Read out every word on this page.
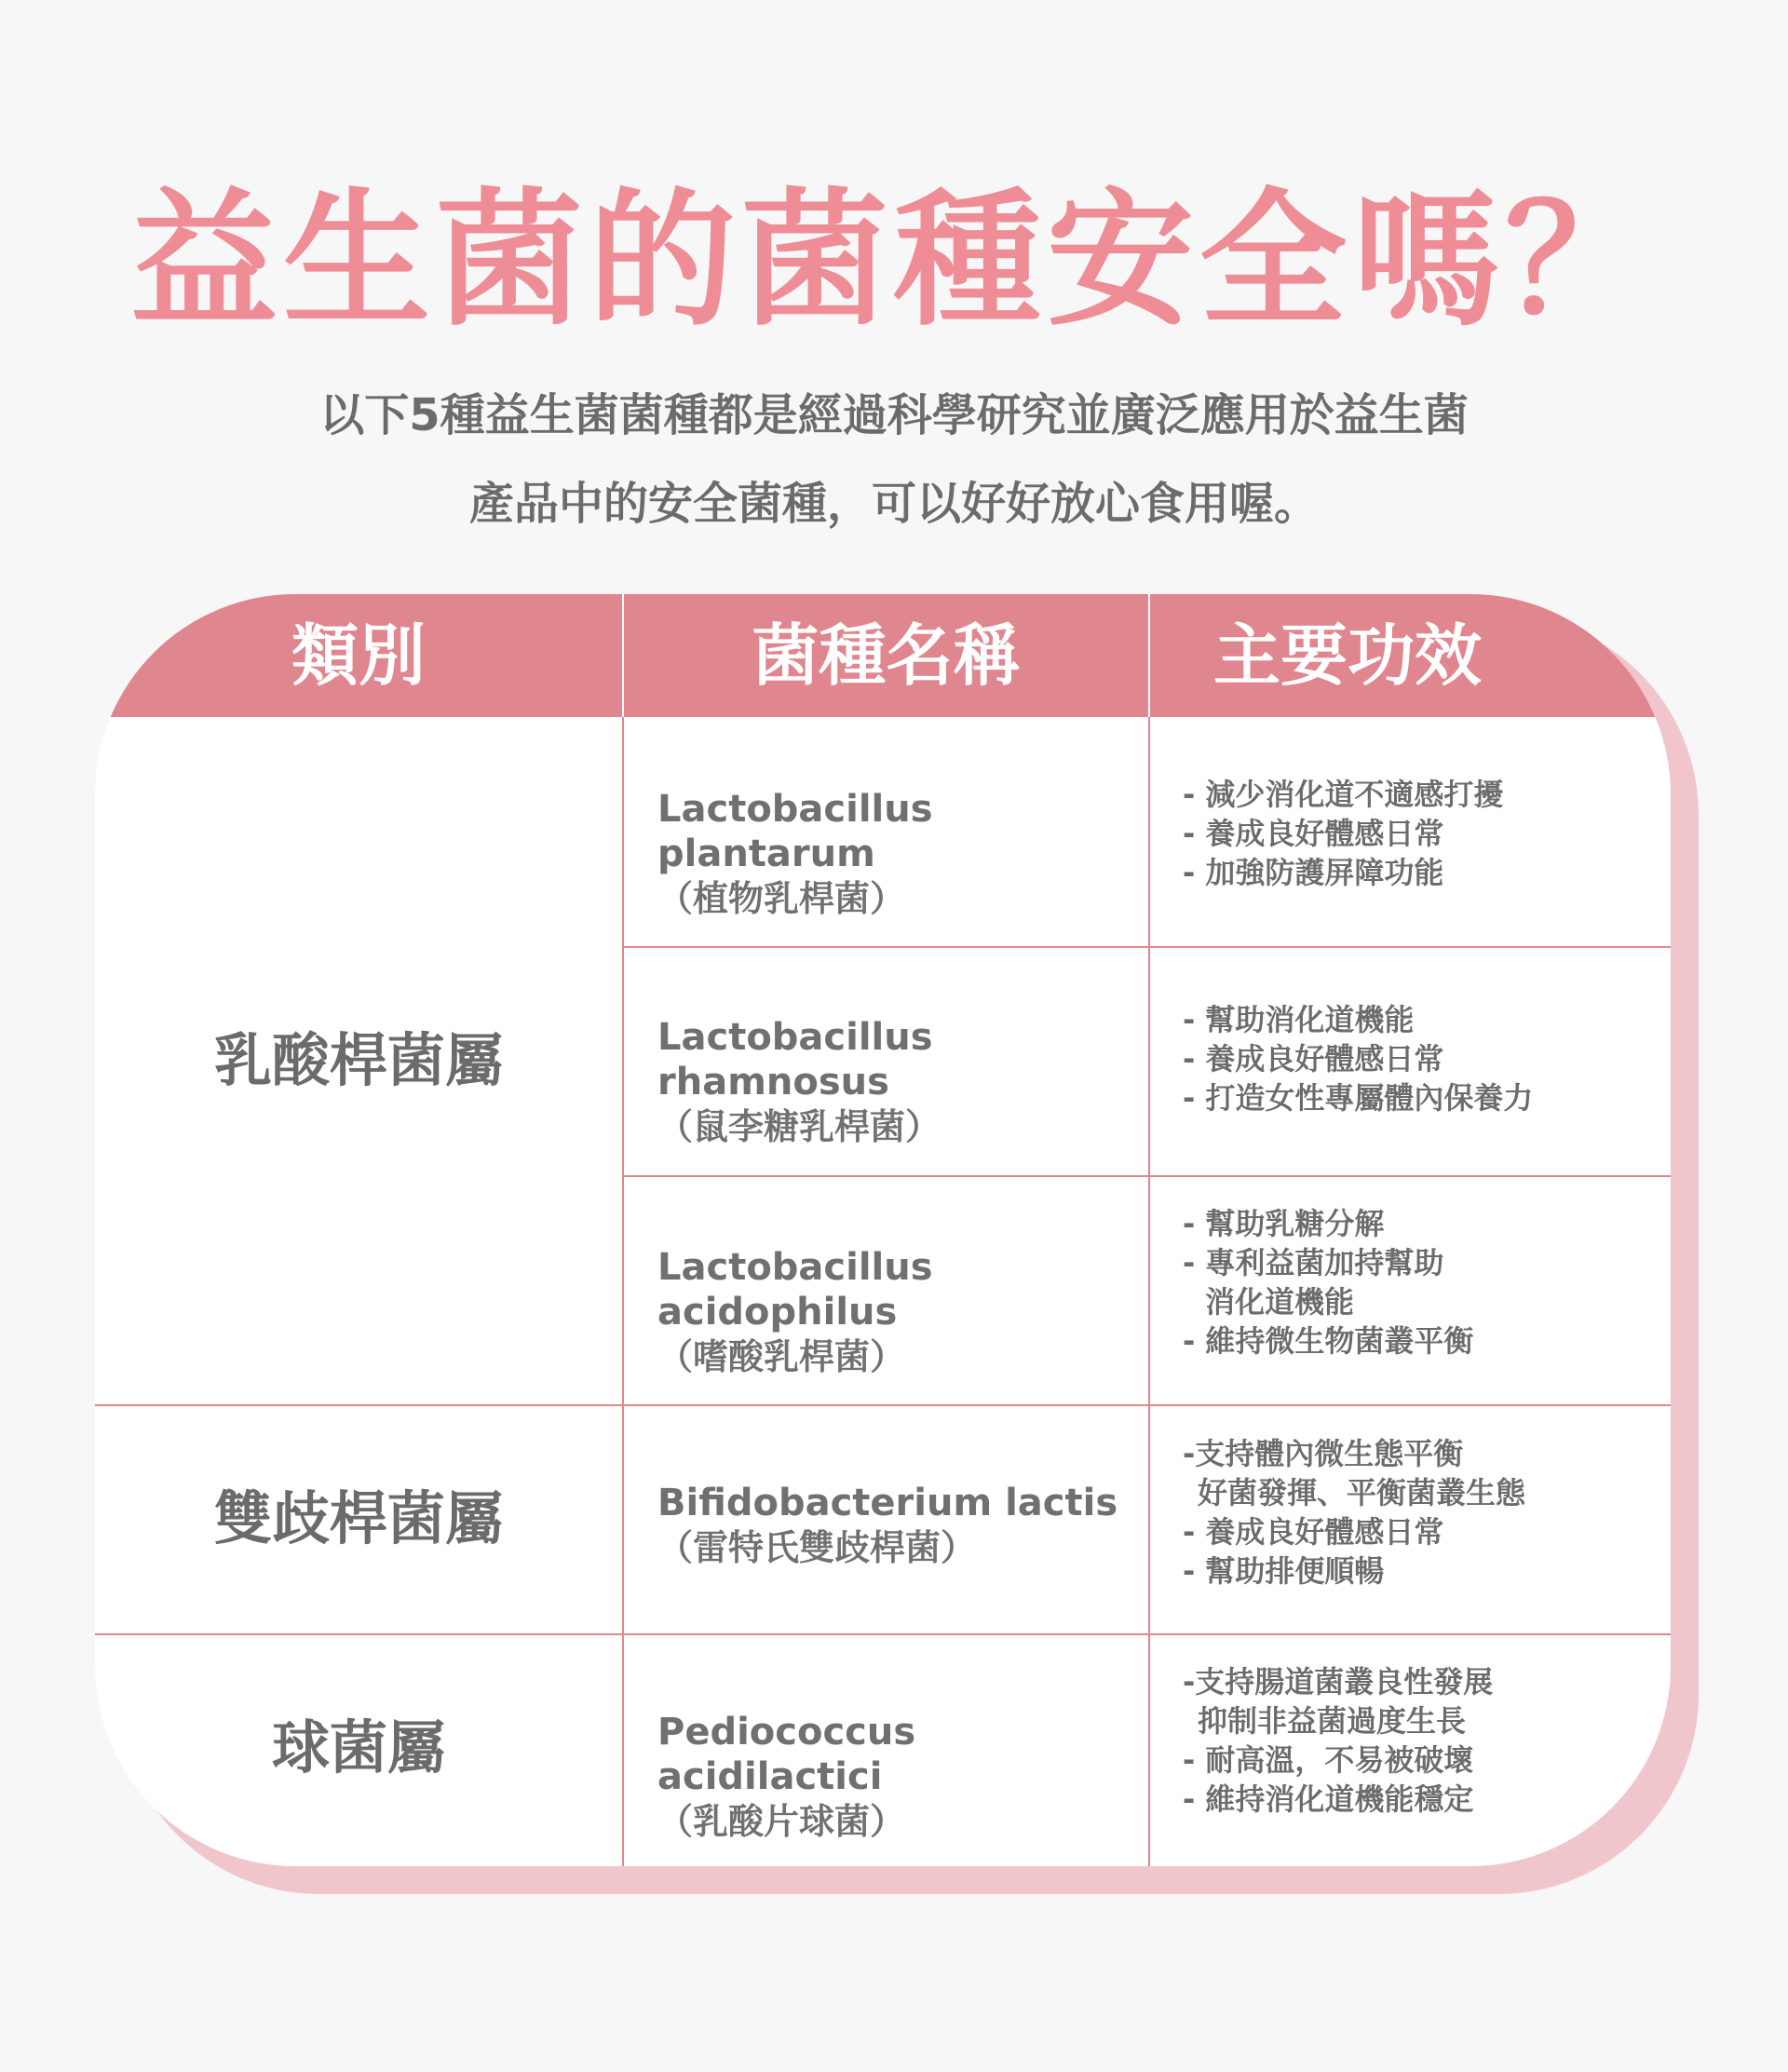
益生菌的菌種安全嗎？
以下5種益生菌菌種都是經過科學研究並廣泛應用於益生菌
產品中的安全菌種，可以好好放心食用喔。
類別	菌種名稱	主要功效
乳酸桿菌屬
雙歧桿菌屬
球菌屬
Lactobacillus plantarum
（植物乳桿菌）
- 減少消化道不適感打擾
- 養成良好體感日常
- 加強防護屏障功能
Lactobacillus rhamnosus
（鼠李糖乳桿菌）
- 幫助消化道機能
- 養成良好體感日常
- 打造女性專屬體內保養力
Lactobacillus acidophilus
（嗜酸乳桿菌）
- 幫助乳糖分解
- 專利益菌加持幫助
消化道機能
- 維持微生物菌叢平衡
Bifidobacterium lactis
（雷特氏雙歧桿菌）
-支持體內微生態平衡
好菌發揮、平衡菌叢生態
- 養成良好體感日常
- 幫助排便順暢
Pediococcus acidilactici
（乳酸片球菌）
-支持腸道菌叢良性發展
抑制非益菌過度生長
- 耐高溫，不易被破壞
- 維持消化道機能穩定
